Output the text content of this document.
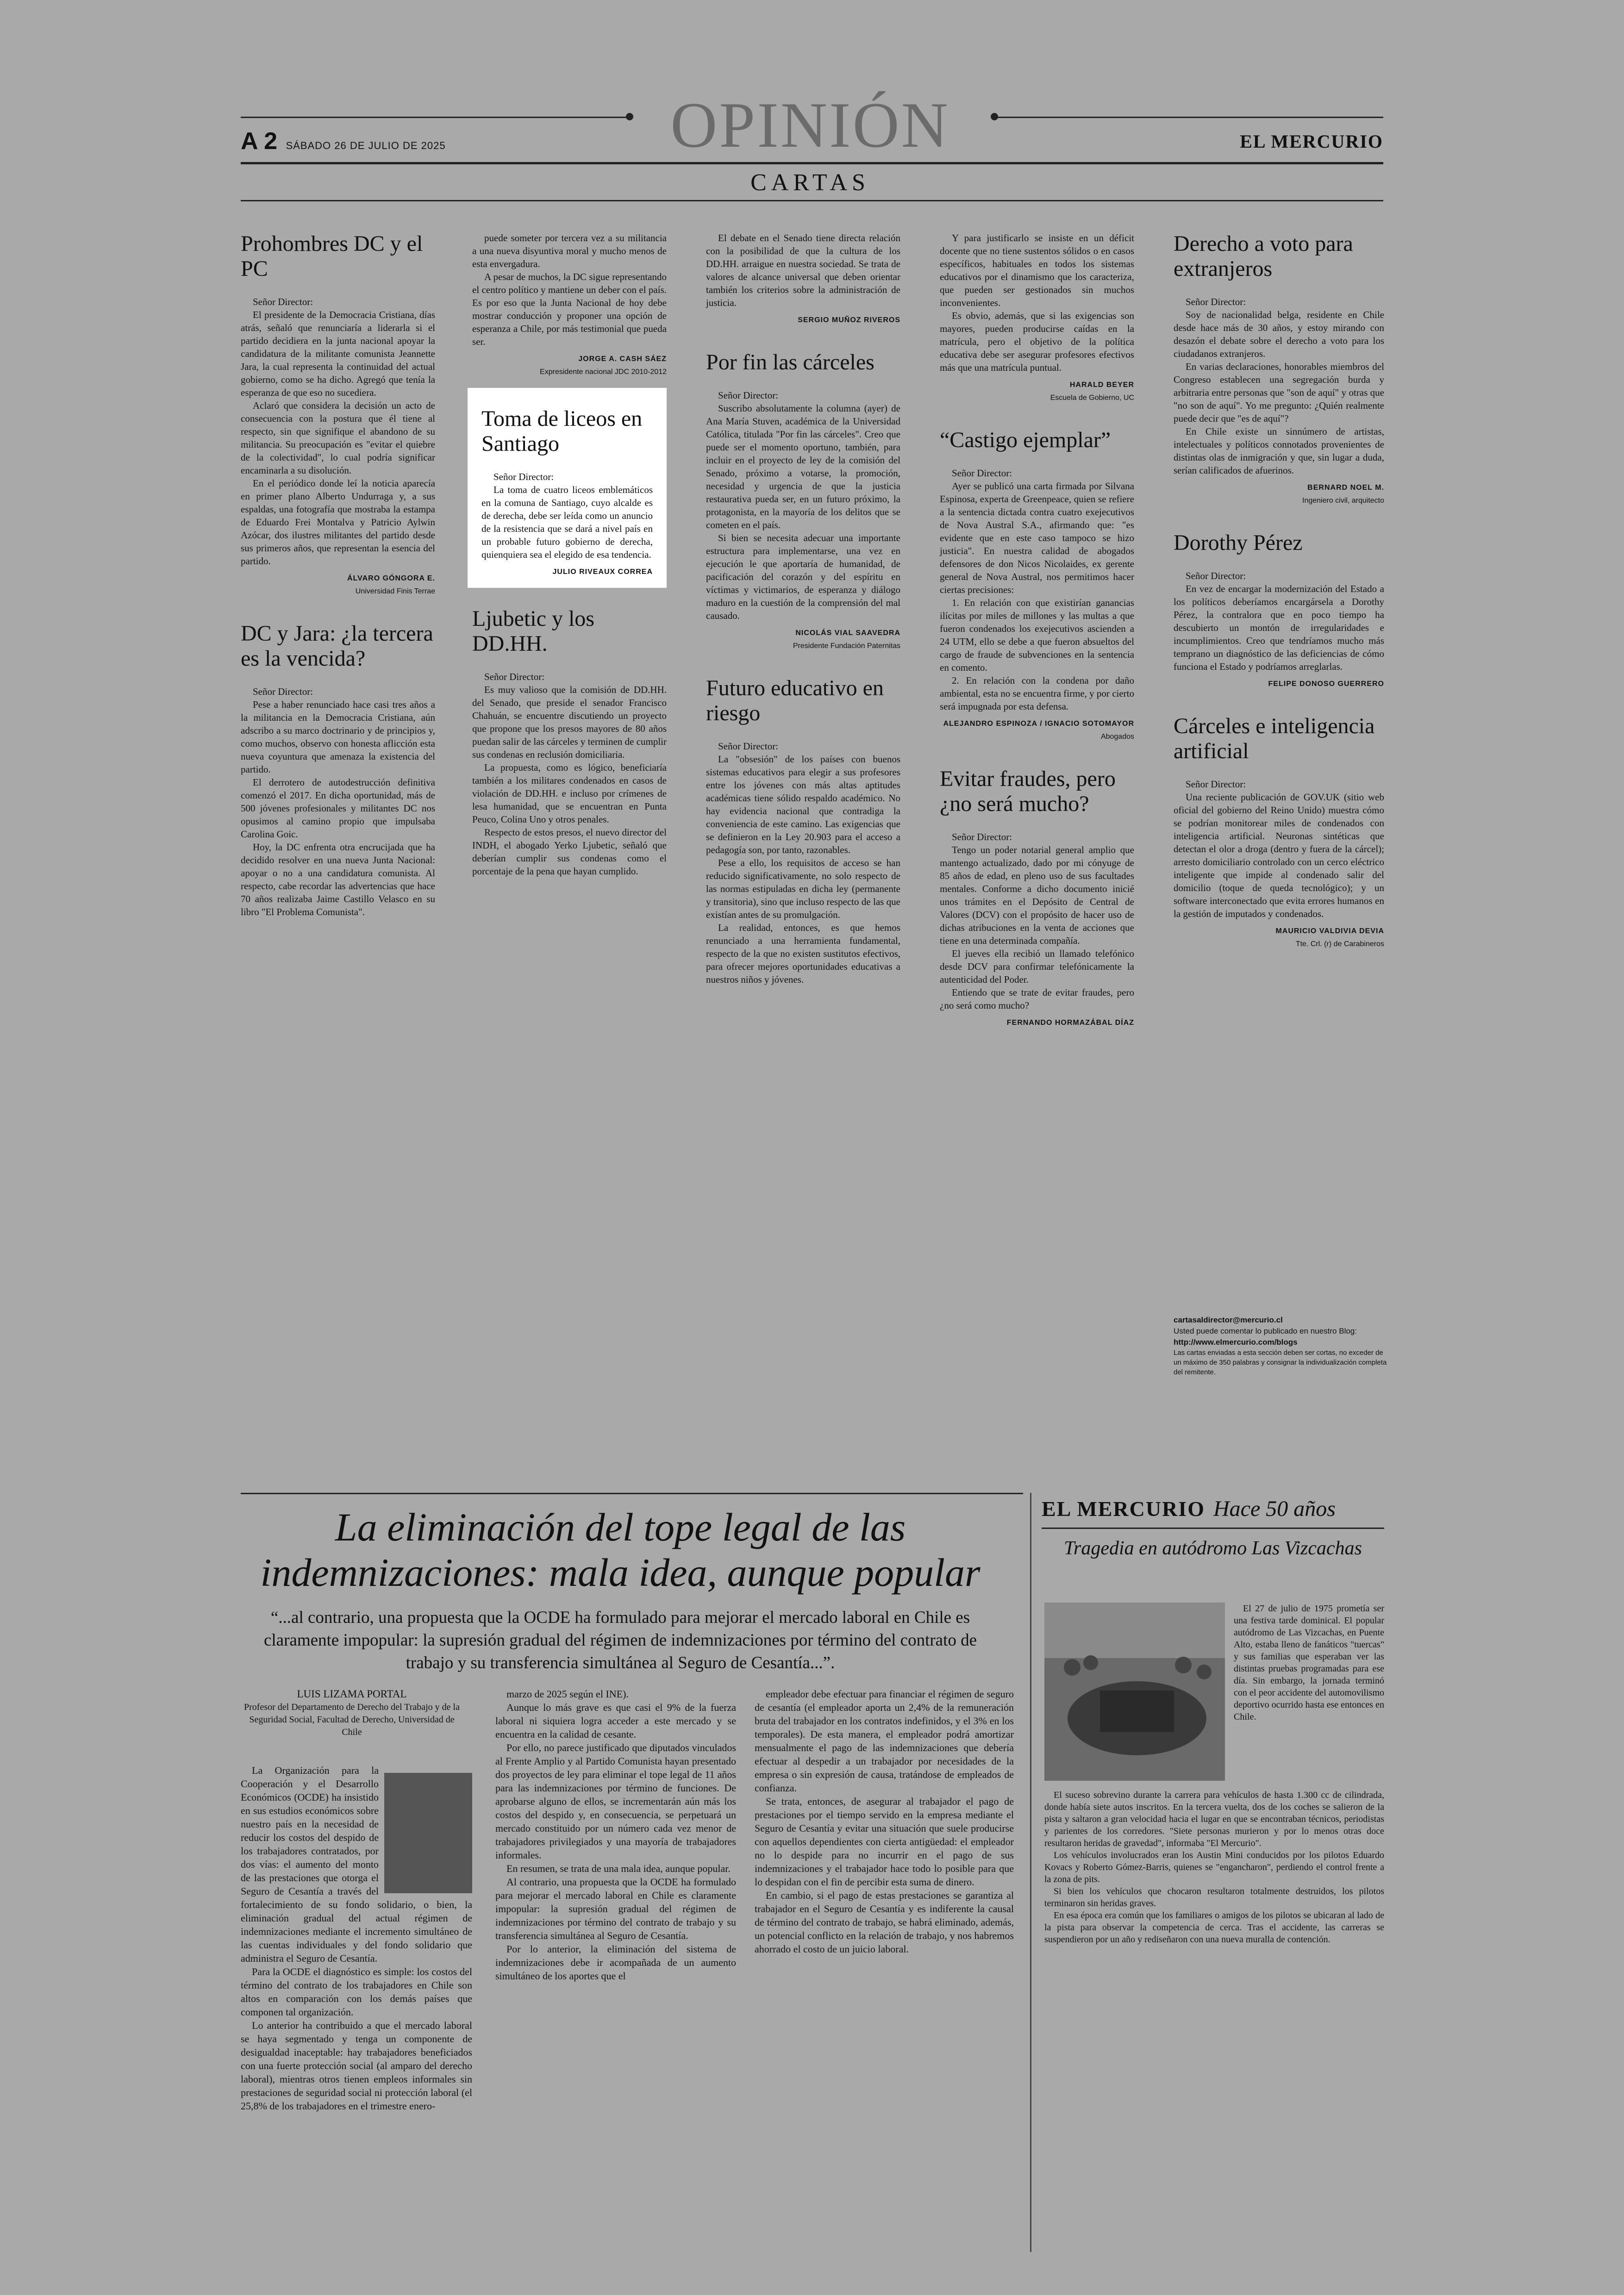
A 2 SÁBADO 26 DE JULIO DE 2025	OPINIÓN	EL MERCURIO
CARTAS
Prohombres DC y el PC
Señor Director:

El presidente de la Democracia Cristiana, días atrás, señaló que renunciaría a liderarla si el partido decidiera en la junta nacional apoyar la candidatura de la militante comunista Jeannette Jara, la cual representa la continuidad del actual gobierno, como se ha dicho. Agregó que tenía la esperanza de que eso no sucediera.

Aclaró que considera la decisión un acto de consecuencia con la postura que él tiene al respecto, sin que signifique el abandono de su militancia. Su preocupación es "evitar el quiebre de la colectividad", lo cual podría significar encaminarla a su disolución.

En el periódico donde leí la noticia aparecía en primer plano Alberto Undurraga y, a sus espaldas, una fotografía que mostraba la estampa de Eduardo Frei Montalva y Patricio Aylwin Azócar, dos ilustres militantes del partido desde sus primeros años, que representan la esencia del partido.

ÁLVARO GÓNGORA E.
Universidad Finis Terrae
DC y Jara: ¿la tercera es la vencida?
Señor Director:

Pese a haber renunciado hace casi tres años a la militancia en la Democracia Cristiana, aún adscribo a su marco doctrinario y de principios y, como muchos, observo con honesta aflicción esta nueva coyuntura que amenaza la existencia del partido.

El derrotero de autodestrucción definitiva comenzó el 2017. En dicha oportunidad, más de 500 jóvenes profesionales y militantes DC nos opusimos al camino propio que impulsaba Carolina Goic.

Hoy, la DC enfrenta otra encrucijada que ha decidido resolver en una nueva Junta Nacional: apoyar o no a una candidatura comunista. Al respecto, cabe recordar las advertencias que hace 70 años realizaba Jaime Castillo Velasco en su libro "El Problema Comunista".

puede someter por tercera vez a su militancia a una nueva disyuntiva moral y mucho menos de esta envergadura.

A pesar de muchos, la DC sigue representando el centro político y mantiene un deber con el país. Es por eso que la Junta Nacional de hoy debe mostrar conducción y proponer una opción de esperanza a Chile, por más testimonial que pueda ser.

JORGE A. CASH SÁEZ
Expresidente nacional JDC 2010-2012
Toma de liceos en Santiago
Señor Director:

La toma de cuatro liceos emblemáticos en la comuna de Santiago, cuyo alcalde es de derecha, debe ser leída como un anuncio de la resistencia que se dará a nivel país en un probable futuro gobierno de derecha, quienquiera sea el elegido de esa tendencia.

JULIO RIVEAUX CORREA
Ljubetic y los DD.HH.
Señor Director:

Es muy valioso que la comisión de DD.HH. del Senado, que preside el senador Francisco Chahuán, se encuentre discutiendo un proyecto que propone que los presos mayores de 80 años puedan salir de las cárceles y terminen de cumplir sus condenas en reclusión domiciliaria.

La propuesta, como es lógico, beneficiaría también a los militares condenados en casos de violación de DD.HH. e incluso por crímenes de lesa humanidad, que se encuentran en Punta Peuco, Colina Uno y otros penales.

Respecto de estos presos, el nuevo director del INDH, el abogado Yerko Ljubetic, señaló que deberían cumplir sus condenas como el porcentaje de la pena que hayan cumplido.

El debate en el Senado tiene directa relación con la posibilidad de que la cultura de los DD.HH. arraigue en nuestra sociedad. Se trata de valores de alcance universal que deben orientar también los criterios sobre la administración de justicia.

SERGIO MUÑOZ RIVEROS
Por fin las cárceles
Señor Director:

Suscribo absolutamente la columna (ayer) de Ana María Stuven, académica de la Universidad Católica, titulada "Por fin las cárceles". Creo que puede ser el momento oportuno, también, para incluir en el proyecto de ley de la comisión del Senado, próximo a votarse, la promoción, necesidad y urgencia de que la justicia restaurativa pueda ser, en un futuro próximo, la protagonista, en la mayoría de los delitos que se cometen en el país.

Si bien se necesita adecuar una importante estructura para implementarse, una vez en ejecución le que aportaría de humanidad, de pacificación del corazón y del espíritu en víctimas y victimarios, de esperanza y diálogo maduro en la cuestión de la comprensión del mal causado.

NICOLÁS VIAL SAAVEDRA
Presidente Fundación Paternitas
Futuro educativo en riesgo
Señor Director:

La "obsesión" de los países con buenos sistemas educativos para elegir a sus profesores entre los jóvenes con más altas aptitudes académicas tiene sólido respaldo académico. No hay evidencia nacional que contradiga la conveniencia de este camino. Las exigencias que se definieron en la Ley 20.903 para el acceso a pedagogía son, por tanto, razonables.

Pese a ello, los requisitos de acceso se han reducido significativamente, no solo respecto de las normas estipuladas en dicha ley (permanente y transitoria), sino que incluso respecto de las que existían antes de su promulgación.

La realidad, entonces, es que hemos renunciado a una herramienta fundamental, respecto de la que no existen sustitutos efectivos, para ofrecer mejores oportunidades educativas a nuestros niños y jóvenes.

Y para justificarlo se insiste en un déficit docente que no tiene sustentos sólidos o en casos específicos, habituales en todos los sistemas educativos por el dinamismo que los caracteriza, que pueden ser gestionados sin muchos inconvenientes.

Es obvio, además, que si las exigencias son mayores, pueden producirse caídas en la matrícula, pero el objetivo de la política educativa debe ser asegurar profesores efectivos más que una matrícula puntual.

HARALD BEYER
Escuela de Gobierno, UC
“Castigo ejemplar”
Señor Director:

Ayer se publicó una carta firmada por Silvana Espinosa, experta de Greenpeace, quien se refiere a la sentencia dictada contra cuatro exejecutivos de Nova Austral S.A., afirmando que: "es evidente que en este caso tampoco se hizo justicia". En nuestra calidad de abogados defensores de don Nicos Nicolaides, ex gerente general de Nova Austral, nos permitimos hacer ciertas precisiones:

1. En relación con que existirían ganancias ilícitas por miles de millones y las multas a que fueron condenados los exejecutivos ascienden a 24 UTM, ello se debe a que fueron absueltos del cargo de fraude de subvenciones en la sentencia en comento.

2. En relación con la condena por daño ambiental, esta no se encuentra firme, y por cierto será impugnada por esta defensa.

ALEJANDRO ESPINOZA / IGNACIO SOTOMAYOR
Abogados
Evitar fraudes, pero ¿no será mucho?
Señor Director:

Tengo un poder notarial general amplio que mantengo actualizado, dado por mi cónyuge de 85 años de edad, en pleno uso de sus facultades mentales. Conforme a dicho documento inicié unos trámites en el Depósito de Central de Valores (DCV) con el propósito de hacer uso de dichas atribuciones en la venta de acciones que tiene en una determinada compañía.

El jueves ella recibió un llamado telefónico desde DCV para confirmar telefónicamente la autenticidad del Poder.

Entiendo que se trate de evitar fraudes, pero ¿no será como mucho?

FERNANDO HORMAZÁBAL DÍAZ
Derecho a voto para extranjeros
Señor Director:

Soy de nacionalidad belga, residente en Chile desde hace más de 30 años, y estoy mirando con desazón el debate sobre el derecho a voto para los ciudadanos extranjeros.

En varias declaraciones, honorables miembros del Congreso establecen una segregación burda y arbitraria entre personas que "son de aquí" y otras que "no son de aquí". Yo me pregunto: ¿Quién realmente puede decir que "es de aquí"?

En Chile existe un sinnúmero de artistas, intelectuales y políticos connotados provenientes de distintas olas de inmigración y que, sin lugar a duda, serían calificados de afuerinos.

BERNARD NOEL M.
Ingeniero civil, arquitecto
Dorothy Pérez
Señor Director:

En vez de encargar la modernización del Estado a los políticos deberíamos encargársela a Dorothy Pérez, la contralora que en poco tiempo ha descubierto un montón de irregularidades e incumplimientos. Creo que tendríamos mucho más temprano un diagnóstico de las deficiencias de cómo funciona el Estado y podríamos arreglarlas.

FELIPE DONOSO GUERRERO
Cárceles e inteligencia artificial
Señor Director:

Una reciente publicación de GOV.UK (sitio web oficial del gobierno del Reino Unido) muestra cómo se podrían monitorear miles de condenados con inteligencia artificial. Neuronas sintéticas que detectan el olor a droga (dentro y fuera de la cárcel); arresto domiciliario controlado con un cerco eléctrico inteligente que impide al condenado salir del domicilio (toque de queda tecnológico); y un software interconectado que evita errores humanos en la gestión de imputados y condenados.

MAURICIO VALDIVIA DEVIA
Tte. Crl. (r) de Carabineros
cartasaldirector@mercurio.cl
Usted puede comentar lo publicado en nuestro Blog:
http://www.elmercurio.com/blogs
Las cartas enviadas a esta sección deben ser cortas, no exceder de un máximo de 350 palabras y consignar la individualización completa del remitente.
La eliminación del tope legal de las indemnizaciones: mala idea, aunque popular
“...al contrario, una propuesta que la OCDE ha formulado para mejorar el mercado laboral en Chile es claramente impopular: la supresión gradual del régimen de indemnizaciones por término del contrato de trabajo y su transferencia simultánea al Seguro de Cesantía...”.
LUIS LIZAMA PORTAL
Profesor del Departamento de Derecho del Trabajo y de la Seguridad Social, Facultad de Derecho, Universidad de Chile

La Organización para la Cooperación y el Desarrollo Económicos (OCDE) ha insistido en sus estudios económicos sobre nuestro país en la necesidad de reducir los costos del despido de los trabajadores contratados, por dos vías: el aumento del monto de las prestaciones que otorga el Seguro de Cesantía a través del fortalecimiento de su fondo solidario, o bien, la eliminación gradual del actual régimen de indemnizaciones mediante el incremento simultáneo de las cuentas individuales y del fondo solidario que administra el Seguro de Cesantía.

Para la OCDE el diagnóstico es simple: los costos del término del contrato de los trabajadores en Chile son altos en comparación con los demás países que componen tal organización.

Lo anterior ha contribuido a que el mercado laboral se haya segmentado y tenga un componente de desigualdad inaceptable: hay trabajadores beneficiados con una fuerte protección social (al amparo del derecho laboral), mientras otros tienen empleos informales sin prestaciones de seguridad social ni protección laboral (el 25,8% de los trabajadores en el trimestre enero-

marzo de 2025 según el INE).

Aunque lo más grave es que casi el 9% de la fuerza laboral ni siquiera logra acceder a este mercado y se encuentra en la calidad de cesante.

Por ello, no parece justificado que diputados vinculados al Frente Amplio y al Partido Comunista hayan presentado dos proyectos de ley para eliminar el tope legal de 11 años para las indemnizaciones por término de funciones. De aprobarse alguno de ellos, se incrementarán aún más los costos del despido y, en consecuencia, se perpetuará un mercado constituido por un número cada vez menor de trabajadores privilegiados y una mayoría de trabajadores informales.

En resumen, se trata de una mala idea, aunque popular.

Al contrario, una propuesta que la OCDE ha formulado para mejorar el mercado laboral en Chile es claramente impopular: la supresión gradual del régimen de indemnizaciones por término del contrato de trabajo y su transferencia simultánea al Seguro de Cesantía.

Por lo anterior, la eliminación del sistema de indemnizaciones debe ir acompañada de un aumento simultáneo de los aportes que el

empleador debe efectuar para financiar el régimen de seguro de cesantía (el empleador aporta un 2,4% de la remuneración bruta del trabajador en los contratos indefinidos, y el 3% en los temporales). De esta manera, el empleador podrá amortizar mensualmente el pago de las indemnizaciones que debería efectuar al despedir a un trabajador por necesidades de la empresa o sin expresión de causa, tratándose de empleados de confianza.

Se trata, entonces, de asegurar al trabajador el pago de prestaciones por el tiempo servido en la empresa mediante el Seguro de Cesantía y evitar una situación que suele producirse con aquellos dependientes con cierta antigüedad: el empleador no lo despide para no incurrir en el pago de sus indemnizaciones y el trabajador hace todo lo posible para que lo despidan con el fin de percibir esta suma de dinero.

En cambio, si el pago de estas prestaciones se garantiza al trabajador en el Seguro de Cesantía y es indiferente la causal de término del contrato de trabajo, se habrá eliminado, además, un potencial conflicto en la relación de trabajo, y nos habremos ahorrado el costo de un juicio laboral.

EL MERCURIO Hace 50 años
Tragedia en autódromo Las Vizcachas

El 27 de julio de 1975 prometía ser una festiva tarde dominical. El popular autódromo de Las Vizcachas, en Puente Alto, estaba lleno de fanáticos "tuercas" y sus familias que esperaban ver las distintas pruebas programadas para ese día. Sin embargo, la jornada terminó con el peor accidente del automovilismo deportivo ocurrido hasta ese entonces en Chile.

El suceso sobrevino durante la carrera para vehículos de hasta 1.300 cc de cilindrada, donde había siete autos inscritos. En la tercera vuelta, dos de los coches se salieron de la pista y saltaron a gran velocidad hacia el lugar en que se encontraban técnicos, periodistas y parientes de los corredores. "Siete personas murieron y por lo menos otras doce resultaron heridas de gravedad", informaba "El Mercurio".

Los vehículos involucrados eran los Austin Mini conducidos por los pilotos Eduardo Kovacs y Roberto Gómez-Barris, quienes se "engancharon", perdiendo el control frente a la zona de pits.

Si bien los vehículos que chocaron resultaron totalmente destruidos, los pilotos terminaron sin heridas graves.

En esa época era común que los familiares o amigos de los pilotos se ubicaran al lado de la pista para observar la competencia de cerca. Tras el accidente, las carreras se suspendieron por un año y rediseñaron con una nueva muralla de contención.
